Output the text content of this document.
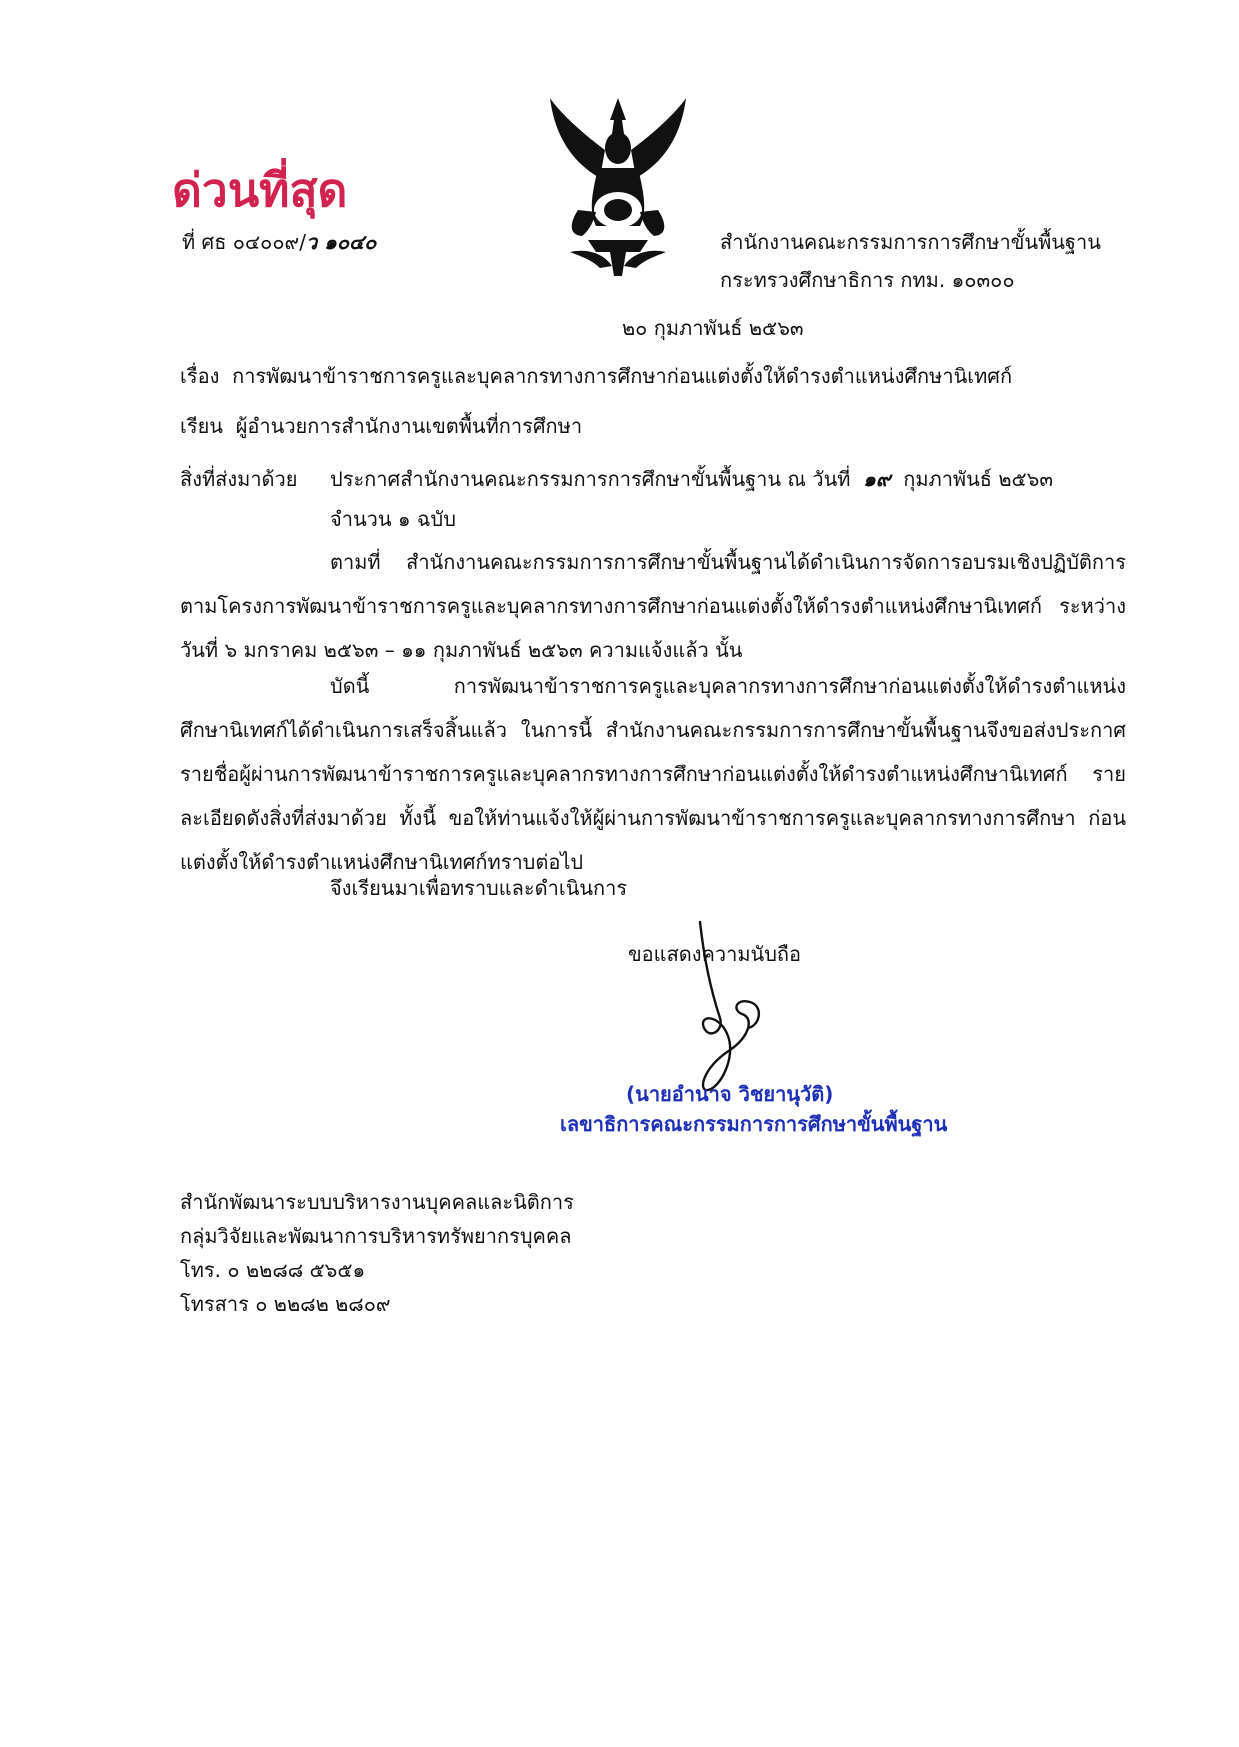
ด่วนที่สุด
ที่ ศธ ๐๔๐๐๙/ว ๑๐๔๐	สำนักงานคณะกรรมการการศึกษาขั้นพื้นฐาน
กระทรวงศึกษาธิการ กทม. ๑๐๓๐๐
๒๐ กุมภาพันธ์ ๒๕๖๓
เรื่อง การพัฒนาข้าราชการครูและบุคลากรทางการศึกษาก่อนแต่งตั้งให้ดำรงตำแหน่งศึกษานิเทศก์
เรียน ผู้อำนวยการสำนักงานเขตพื้นที่การศึกษา
สิ่งที่ส่งมาด้วย ประกาศสำนักงานคณะกรรมการการศึกษาขั้นพื้นฐาน ณ วันที่ ๑๙ กุมภาพันธ์ ๒๕๖๓
จำนวน ๑ ฉบับ
ตามที่ สำนักงานคณะกรรมการการศึกษาขั้นพื้นฐานได้ดำเนินการจัดการอบรมเชิงปฏิบัติการ ตามโครงการพัฒนาข้าราชการครูและบุคลากรทางการศึกษาก่อนแต่งตั้งให้ดำรงตำแหน่งศึกษานิเทศก์ ระหว่างวันที่ ๖ มกราคม ๒๕๖๓ – ๑๑ กุมภาพันธ์ ๒๕๖๓ ความแจ้งแล้ว นั้น
บัดนี้ การพัฒนาข้าราชการครูและบุคลากรทางการศึกษาก่อนแต่งตั้งให้ดำรงตำแหน่ง ศึกษานิเทศก์ได้ดำเนินการเสร็จสิ้นแล้ว ในการนี้ สำนักงานคณะกรรมการการศึกษาขั้นพื้นฐานจึงขอส่งประกาศ รายชื่อผู้ผ่านการพัฒนาข้าราชการครูและบุคลากรทางการศึกษาก่อนแต่งตั้งให้ดำรงตำแหน่งศึกษานิเทศก์ รายละเอียดดังสิ่งที่ส่งมาด้วย ทั้งนี้ ขอให้ท่านแจ้งให้ผู้ผ่านการพัฒนาข้าราชการครูและบุคลากรทางการศึกษา ก่อนแต่งตั้งให้ดำรงตำแหน่งศึกษานิเทศก์ทราบต่อไป
จึงเรียนมาเพื่อทราบและดำเนินการ
ขอแสดงความนับถือ
(นายอำนาจ วิชยานุวัติ)
เลขาธิการคณะกรรมการการศึกษาขั้นพื้นฐาน
สำนักพัฒนาระบบบริหารงานบุคคลและนิติการ
กลุ่มวิจัยและพัฒนาการบริหารทรัพยากรบุคคล
โทร. ๐ ๒๒๘๘ ๕๖๕๑
โทรสาร ๐ ๒๒๘๒ ๒๘๐๙
